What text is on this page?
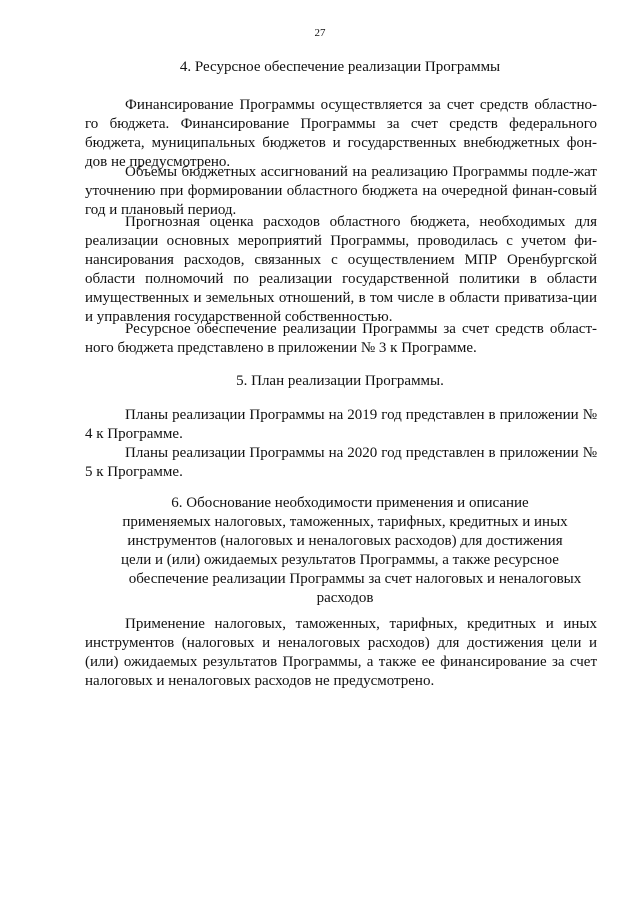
27
4. Ресурсное обеспечение реализации Программы

Финансирование Программы осуществляется за счет средств областно-го бюджета. Финансирование Программы за счет средств федерального бюджета, муниципальных бюджетов и государственных внебюджетных фон-дов не предусмотрено.

Объемы бюджетных ассигнований на реализацию Программы подле-жат уточнению при формировании областного бюджета на очередной финан-совый год и плановый период.

Прогнозная оценка расходов областного бюджета, необходимых для реализации основных мероприятий Программы, проводилась с учетом фи-нансирования расходов, связанных с осуществлением МПР Оренбургской области полномочий по реализации государственной политики в области имущественных и земельных отношений, в том числе в области приватиза-ции и управления государственной собственностью.

Ресурсное обеспечение реализации Программы за счет средств област-ного бюджета представлено в приложении № 3 к Программе.

5. План реализации Программы.

Планы реализации Программы на 2019 год представлен в приложении № 4 к Программе.

Планы реализации Программы на 2020 год представлен в приложении № 5 к Программе.

6. Обоснование необходимости применения и описание
применяемых налоговых, таможенных, тарифных, кредитных и иных
инструментов (налоговых и неналоговых расходов) для достижения
цели и (или) ожидаемых результатов Программы, а также ресурсное
обеспечение реализации Программы за счет налоговых и неналоговых
расходов

Применение налоговых, таможенных, тарифных, кредитных и иных инструментов (налоговых и неналоговых расходов) для достижения цели и (или) ожидаемых результатов Программы, а также ее финансирование за счет налоговых и неналоговых расходов не предусмотрено.
